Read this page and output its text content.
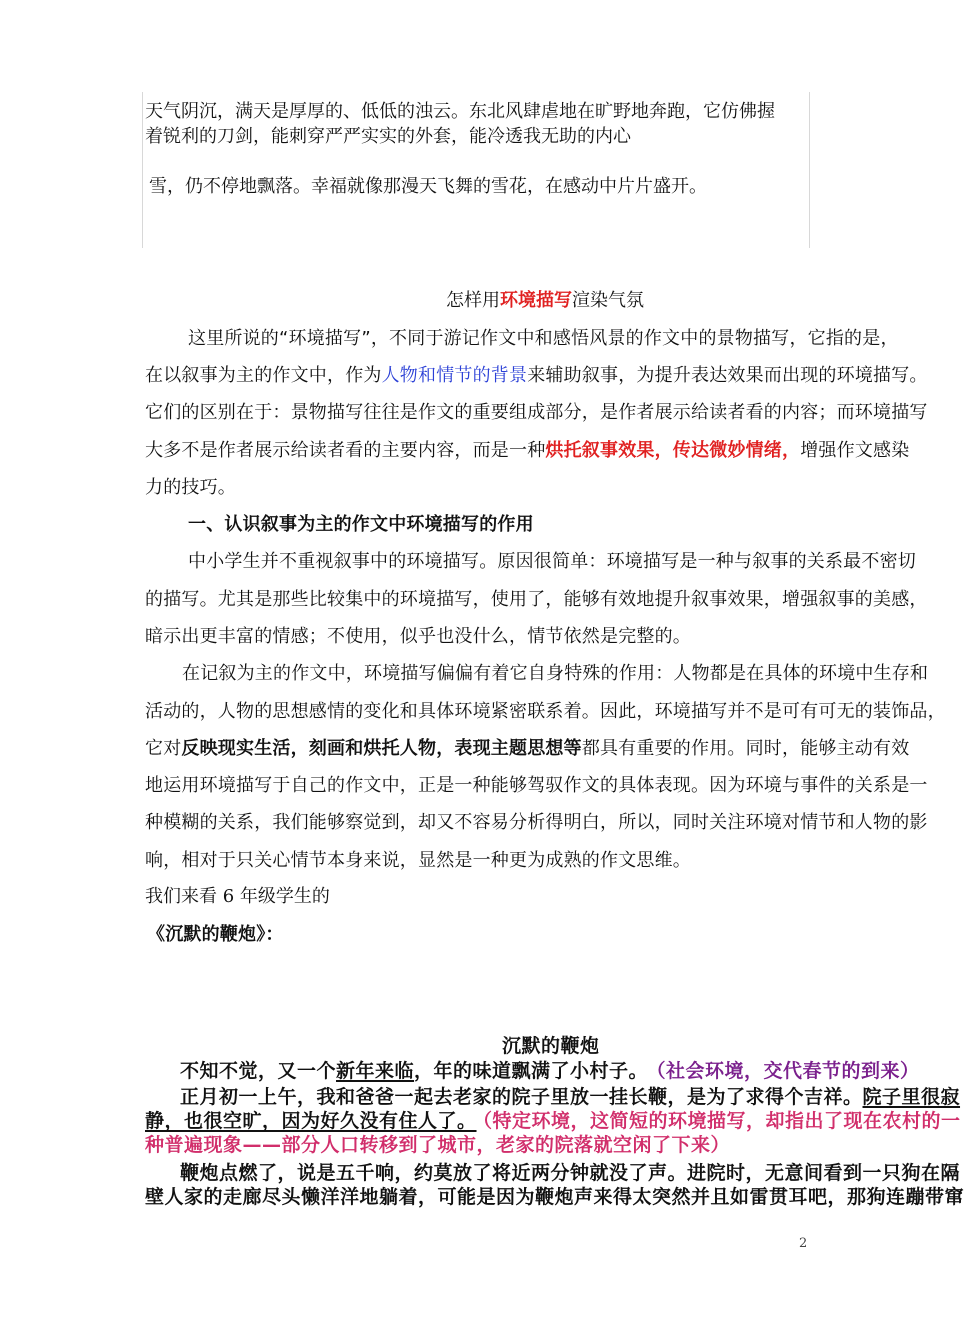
天气阴沉，满天是厚厚的、低低的浊云。东北风肆虐地在旷野地奔跑，它仿佛握
着锐利的刀剑，能刺穿严严实实的外套，能冷透我无助的内心
雪，仍不停地飘落。幸福就像那漫天飞舞的雪花，在感动中片片盛开。
怎样用环境描写渲染气氛
这里所说的“环境描写”，不同于游记作文中和感悟风景的作文中的景物描写，它指的是，
在以叙事为主的作文中，作为人物和情节的背景来辅助叙事，为提升表达效果而出现的环境描写。
它们的区别在于：景物描写往往是作文的重要组成部分，是作者展示给读者看的内容；而环境描写
大多不是作者展示给读者看的主要内容，而是一种烘托叙事效果，传达微妙情绪，增强作文感染
力的技巧。
一、认识叙事为主的作文中环境描写的作用
中小学生并不重视叙事中的环境描写。原因很简单：环境描写是一种与叙事的关系最不密切
的描写。尤其是那些比较集中的环境描写，使用了，能够有效地提升叙事效果，增强叙事的美感，
暗示出更丰富的情感；不使用，似乎也没什么，情节依然是完整的。
在记叙为主的作文中，环境描写偏偏有着它自身特殊的作用：人物都是在具体的环境中生存和
活动的，人物的思想感情的变化和具体环境紧密联系着。因此，环境描写并不是可有可无的装饰品，
它对反映现实生活，刻画和烘托人物，表现主题思想等都具有重要的作用。同时，能够主动有效
地运用环境描写于自己的作文中，正是一种能够驾驭作文的具体表现。因为环境与事件的关系是一
种模糊的关系，我们能够察觉到，却又不容易分析得明白，所以，同时关注环境对情节和人物的影
响，相对于只关心情节本身来说，显然是一种更为成熟的作文思维。
我们来看 6 年级学生的
《沉默的鞭炮》：
沉默的鞭炮
不知不觉，又一个新年来临，年的味道飘满了小村子。 （社会环境，交代春节的到来）
正月初一上午，我和爸爸一起去老家的院子里放一挂长鞭，是为了求得个吉祥。院子里很寂
静，也很空旷，因为好久没有住人了。 （特定环境，这简短的环境描写，却指出了现在农村的一
种普遍现象——部分人口转移到了城市，老家的院落就空闲了下来）
鞭炮点燃了，说是五千响，约莫放了将近两分钟就没了声。进院时，无意间看到一只狗在隔
壁人家的走廊尽头懒洋洋地躺着，可能是因为鞭炮声来得太突然并且如雷贯耳吧，那狗连蹦带窜
2
